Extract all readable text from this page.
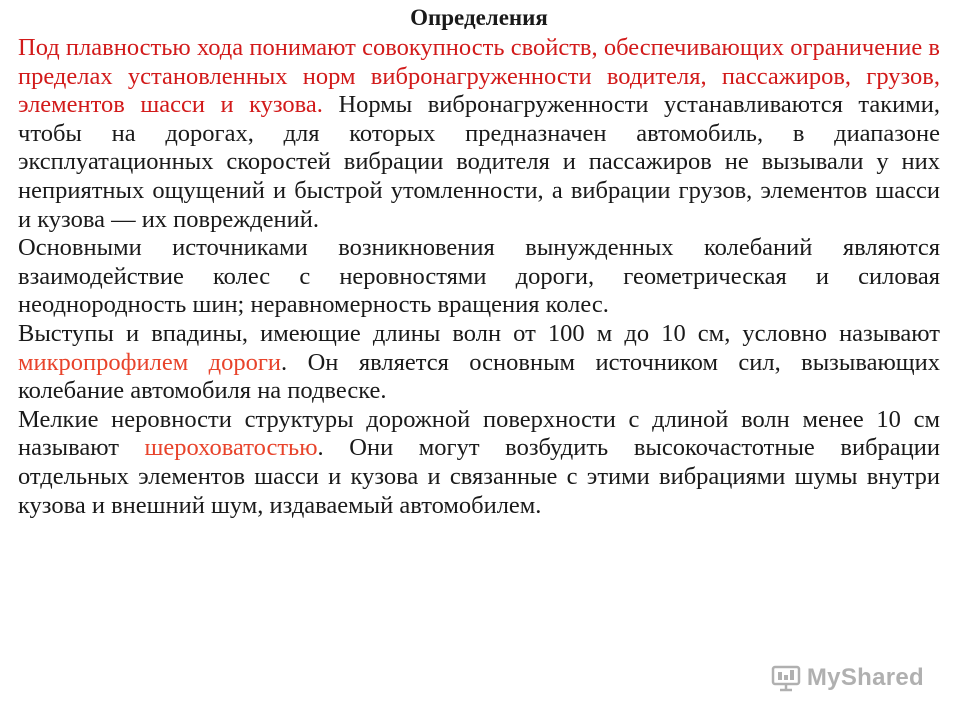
Определения

Под плавностью хода понимают совокупность свойств, обеспечивающих ограничение в пределах установленных норм вибронагруженности водителя, пассажиров, грузов, элементов шасси и кузова. Нормы вибронагруженности устанавливаются такими, чтобы на дорогах, для которых предназначен автомобиль, в диапазоне эксплуатационных скоростей вибрации водителя и пассажиров не вызывали у них неприятных ощущений и быстрой утомленности, а вибрации грузов, элементов шасси и кузова — их повреждений.

Основными источниками возникновения вынужденных колебаний являются взаимодействие колес с неровностями дороги, геометрическая и силовая неоднородность шин; неравномерность вращения колес.

Выступы и впадины, имеющие длины волн от 100 м до 10 см, условно называют микропрофилем дороги. Он является основным источником сил, вызывающих колебание автомобиля на подвеске.

Мелкие неровности структуры дорожной поверхности с длиной волн менее 10 см называют шероховатостью. Они могут возбудить высокочастотные вибрации отдельных элементов шасси и кузова и связанные с этими вибрациями шумы внутри кузова и внешний шум, издаваемый автомобилем.

MyShared
